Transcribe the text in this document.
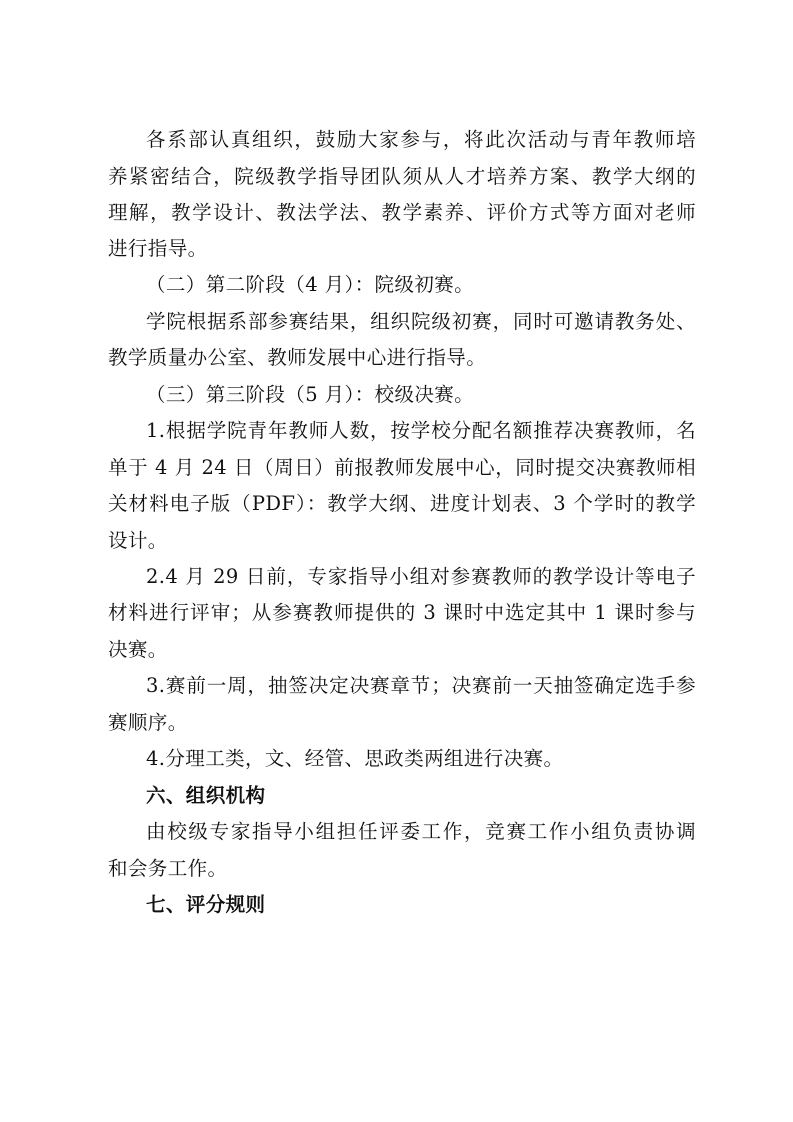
各系部认真组织，鼓励大家参与，将此次活动与青年教师培
养紧密结合，院级教学指导团队须从人才培养方案、教学大纲的
理解，教学设计、教法学法、教学素养、评价方式等方面对老师
进行指导。
（二）第二阶段（4 月）：院级初赛。
学院根据系部参赛结果，组织院级初赛，同时可邀请教务处、
教学质量办公室、教师发展中心进行指导。
（三）第三阶段（5 月）：校级决赛。
1.根据学院青年教师人数，按学校分配名额推荐决赛教师，名
单于 4 月 24 日（周日）前报教师发展中心，同时提交决赛教师相
关材料电子版（PDF）：教学大纲、进度计划表、3 个学时的教学
设计。
2.4 月 29 日前，专家指导小组对参赛教师的教学设计等电子
材料进行评审；从参赛教师提供的 3 课时中选定其中 1 课时参与
决赛。
3.赛前一周，抽签决定决赛章节；决赛前一天抽签确定选手参
赛顺序。
4.分理工类，文、经管、思政类两组进行决赛。
六、组织机构
由校级专家指导小组担任评委工作，竞赛工作小组负责协调
和会务工作。
七、评分规则
